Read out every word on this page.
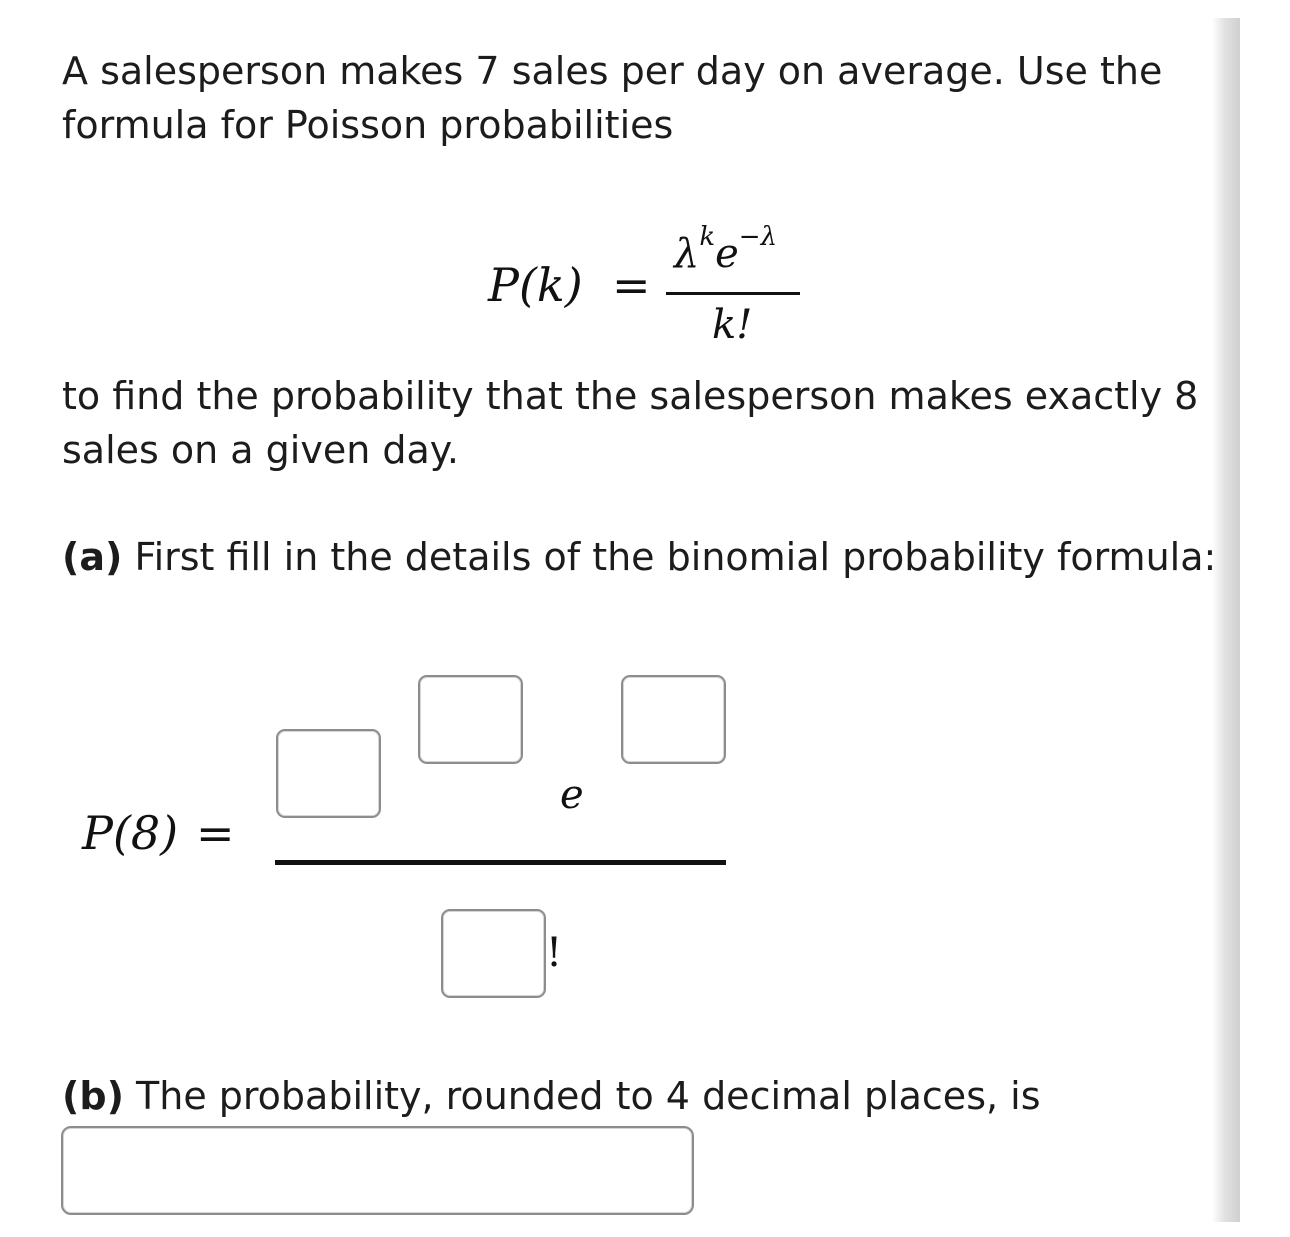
A salesperson makes 7 sales per day on average. Use the formula for Poisson probabilities

P(k) =
$\lambda^ke^{-\lambda}$
k!

to find the probability that the salesperson makes exactly 8 sales on a given day.

(a) First fill in the details of the binomial probability formula:

P(8) =
e
!

(b) The probability, rounded to 4 decimal places, is
